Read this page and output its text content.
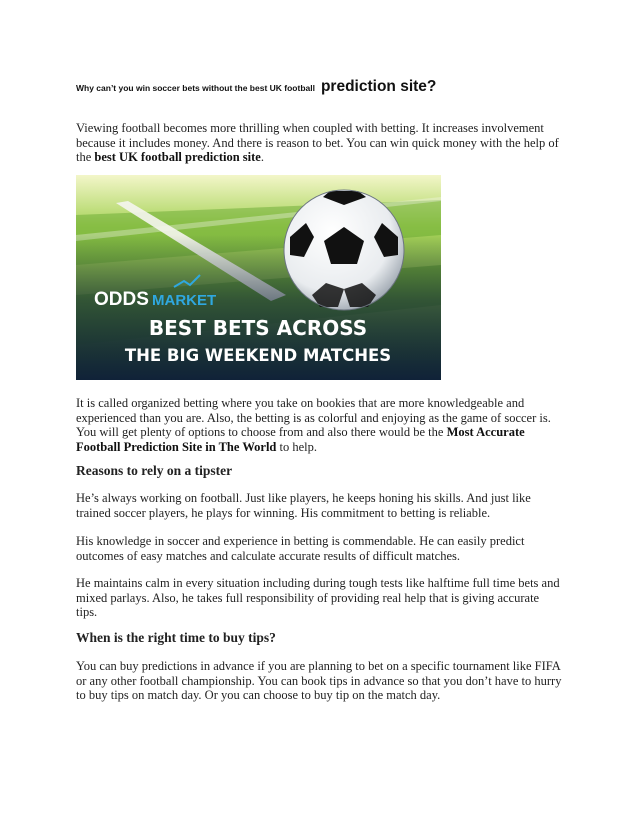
Why can’t you win soccer bets without the best UK football prediction site?
Viewing football becomes more thrilling when coupled with betting. It increases involvement because it includes money. And there is reason to bet. You can win quick money with the help of the best UK football prediction site.
ODDS MARKET
BEST BETS ACROSS
THE BIG WEEKEND MATCHES
It is called organized betting where you take on bookies that are more knowledgeable and experienced than you are. Also, the betting is as colorful and enjoying as the game of soccer is. You will get plenty of options to choose from and also there would be the Most Accurate Football Prediction Site in The World to help.
Reasons to rely on a tipster
He’s always working on football. Just like players, he keeps honing his skills. And just like trained soccer players, he plays for winning. His commitment to betting is reliable.
His knowledge in soccer and experience in betting is commendable. He can easily predict outcomes of easy matches and calculate accurate results of difficult matches.
He maintains calm in every situation including during tough tests like halftime full time bets and mixed parlays. Also, he takes full responsibility of providing real help that is giving accurate tips.
When is the right time to buy tips?
You can buy predictions in advance if you are planning to bet on a specific tournament like FIFA or any other football championship. You can book tips in advance so that you don’t have to hurry to buy tips on match day. Or you can choose to buy tip on the match day.
